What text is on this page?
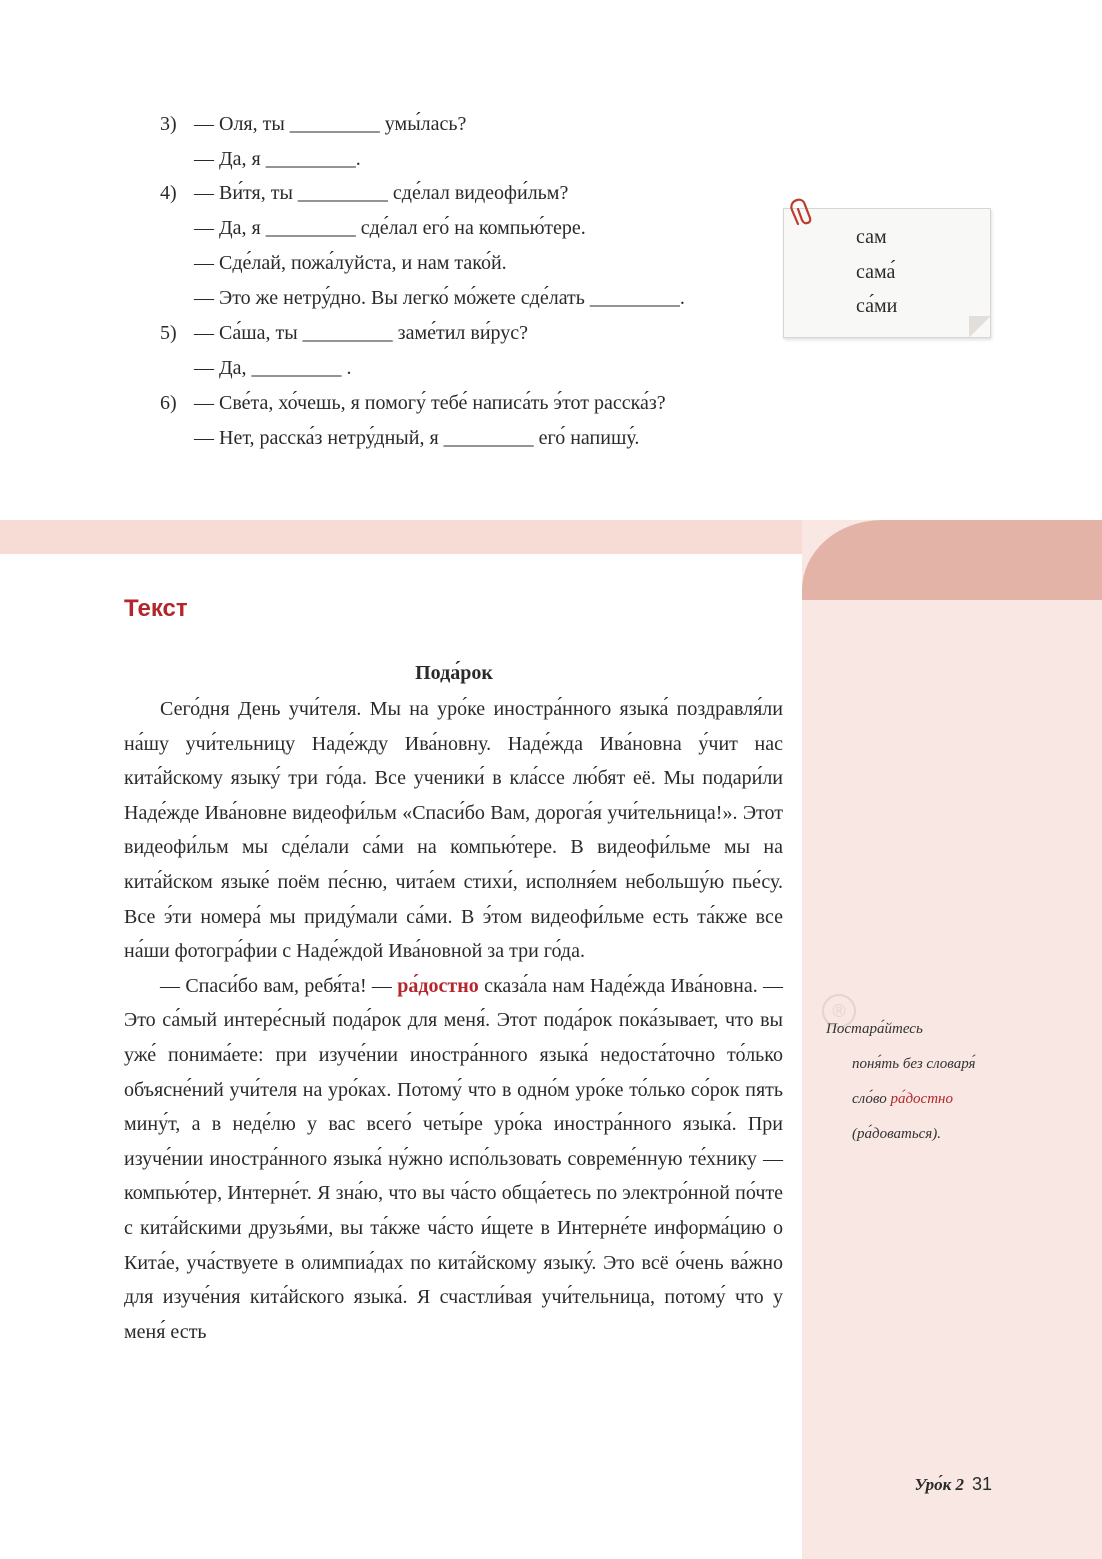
3) — Оля, ты _________ умы́лась?
— Да, я _________.
4) — Ви́тя, ты _________ сде́лал видеофи́льм?
— Да, я _________ сде́лал его́ на компью́тере.
— Сде́лай, пожа́луйста, и нам тако́й.
— Это же нетру́дно. Вы легко́ мо́жете сде́лать _________.
5) — Са́ша, ты _________ заме́тил ви́рус?
— Да, _________ .
6) — Све́та, хо́чешь, я помогу́ тебе́ написа́ть э́тот расска́з?
— Нет, расска́з нетру́дный, я _________ его́ напишу́.
сам
сама́
са́ми
Текст
Пода́рок

Сего́дня День учи́теля. Мы на уро́ке иностра́нного языка́ поздравля́ли на́шу учи́тельницу Наде́жду Ива́новну. Наде́жда Ива́новна у́чит нас кита́йскому языку́ три го́да. Все ученики́ в кла́ссе лю́бят её. Мы подари́ли Наде́жде Ива́новне видеофи́льм «Спаси́бо Вам, дорога́я учи́тельница!». Этот видеофи́льм мы сде́лали са́ми на компью́тере. В видеофи́льме мы на кита́йском языке́ поём пе́сню, чита́ем стихи́, исполня́ем небольшу́ю пье́су. Все э́ти номера́ мы приду́мали са́ми. В э́том видеофи́льме есть та́кже все на́ши фотогра́фии с Наде́ждой Ива́новной за три го́да.

— Спаси́бо вам, ребя́та! — ра́достно сказа́ла нам Наде́жда Ива́новна. — Это са́мый интере́сный пода́рок для меня́. Этот пода́рок пока́зывает, что вы уже́ понима́ете: при изуче́нии иностра́нного языка́ недоста́точно то́лько объясне́ний учи́теля на уро́ках. Потому́ что в одно́м уро́ке то́лько со́рок пять мину́т, а в неде́лю у вас всего́ четы́ре уро́ка иностра́нного языка́. При изуче́нии иностра́нного языка́ ну́жно испо́льзовать совреме́нную те́хнику — компью́тер, Интерне́т. Я зна́ю, что вы ча́сто обща́етесь по электро́нной по́чте с кита́йскими друзья́ми, вы та́кже ча́сто и́щете в Интерне́те информа́цию о Кита́е, уча́ствуете в олимпиа́дах по кита́йскому языку́. Это всё о́чень ва́жно для изуче́ния кита́йского языка́. Я счастли́вая учи́тельница, потому́ что у меня́ есть

®
Постара́йтесь
поня́ть без словаря́
сло́во ра́достно
(ра́доваться).
Уро́к 2 31
